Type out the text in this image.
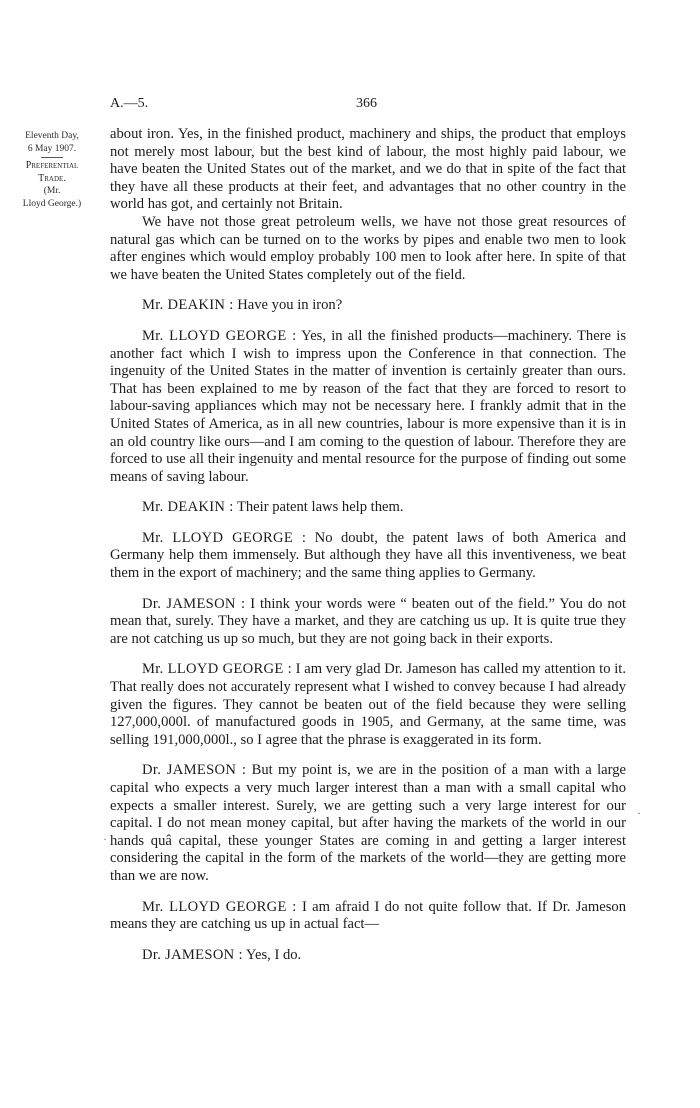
A.—5.	366
Eleventh Day,
6 May 1907.
Preferential
Trade.
(Mr.
Lloyd George.)

about iron. Yes, in the finished product, machinery and ships, the product that employs not merely most labour, but the best kind of labour, the most highly paid labour, we have beaten the United States out of the market, and we do that in spite of the fact that they have all these products at their feet, and advantages that no other country in the world has got, and certainly not Britain.

We have not those great petroleum wells, we have not those great resources of natural gas which can be turned on to the works by pipes and enable two men to look after engines which would employ probably 100 men to look after here. In spite of that we have beaten the United States completely out of the field.

Mr. DEAKIN : Have you in iron?

Mr. LLOYD GEORGE : Yes, in all the finished products—machinery. There is another fact which I wish to impress upon the Conference in that connection. The ingenuity of the United States in the matter of invention is certainly greater than ours. That has been explained to me by reason of the fact that they are forced to resort to labour-saving appliances which may not be necessary here. I frankly admit that in the United States of America, as in all new countries, labour is more expensive than it is in an old country like ours—and I am coming to the question of labour. Therefore they are forced to use all their ingenuity and mental resource for the purpose of finding out some means of saving labour.

Mr. DEAKIN : Their patent laws help them.

Mr. LLOYD GEORGE : No doubt, the patent laws of both America and Germany help them immensely. But although they have all this inventiveness, we beat them in the export of machinery; and the same thing applies to Germany.

Dr. JAMESON : I think your words were “ beaten out of the field.” You do not mean that, surely. They have a market, and they are catching us up. It is quite true they are not catching us up so much, but they are not going back in their exports.

Mr. LLOYD GEORGE : I am very glad Dr. Jameson has called my attention to it. That really does not accurately represent what I wished to convey because I had already given the figures. They cannot be beaten out of the field because they were selling 127,000,000l. of manufactured goods in 1905, and Germany, at the same time, was selling 191,000,000l., so I agree that the phrase is exaggerated in its form.

Dr. JAMESON : But my point is, we are in the position of a man with a large capital who expects a very much larger interest than a man with a small capital who expects a smaller interest. Surely, we are getting such a very large interest for our capital. I do not mean money capital, but after having the markets of the world in our hands quâ capital, these younger States are coming in and getting a larger interest considering the capital in the form of the markets of the world—they are getting more than we are now.

Mr. LLOYD GEORGE : I am afraid I do not quite follow that. If Dr. Jameson means they are catching us up in actual fact—

Dr. JAMESON : Yes, I do.

·
·
